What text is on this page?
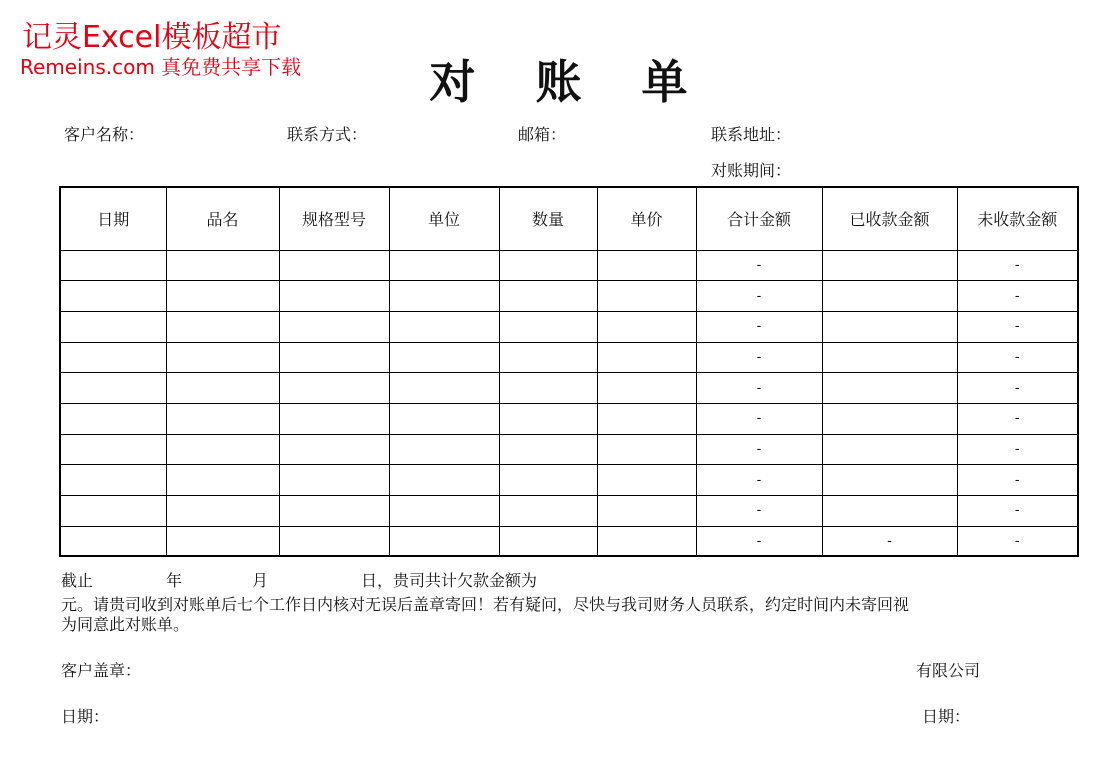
记灵Excel模板超市
Remeins.com 真免费共享下载	对 账 单
客户名称：	联系方式：	邮箱：	联系地址：
对账期间：
日期	品名	规格型号	单位	数量	单价	合计金额	已收款金额	未收款金额
						-		-
						-		-
						-		-
						-		-
						-		-
						-		-
						-		-
						-		-
						-		-
						-	-	-
截止	年	月	日，贵司共计欠款金额为
元。请贵司收到对账单后七个工作日内核对无误后盖章寄回！若有疑问，尽快与我司财务人员联系，约定时间内未寄回视
为同意此对账单。
客户盖章：	有限公司
日期：	日期：
